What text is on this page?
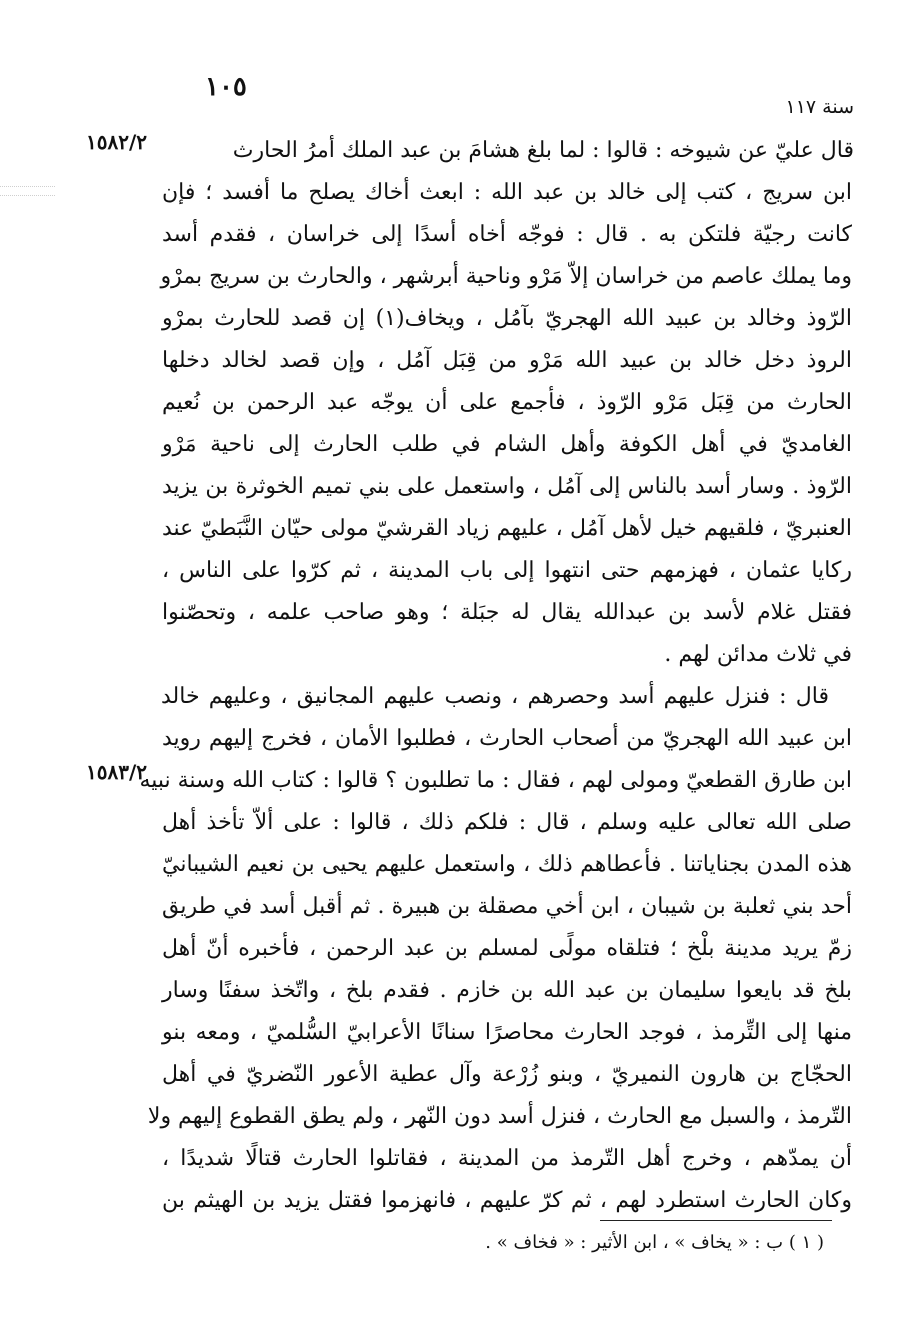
١٠٥
سنة ١١٧
١٥٨٢/٢
١٥٨٣/٢
قال عليّ عن شيوخه : قالوا : لما بلغ هشامَ بن عبد الملك أمرُ الحارث
ابن سريج ، كتب إلى خالد بن عبد الله : ابعث أخاك يصلح ما أفسد ؛ فإن
كانت رجيّة فلتكن به . قال : فوجّه أخاه أسدًا إلى خراسان ، فقدم أسد
وما يملك عاصم من خراسان إلاّ مَرْو وناحية أبرشهر ، والحارث بن سريج بمرْو
الرّوذ وخالد بن عبيد الله الهجريّ بآمُل ، ويخاف(١) إن قصد للحارث بمرْو
الروذ دخل خالد بن عبيد الله مَرْو من قِبَل آمُل ، وإن قصد لخالد دخلها
الحارث من قِبَل مَرْو الرّوذ ، فأجمع على أن يوجّه عبد الرحمن بن نُعيم
الغامديّ في أهل الكوفة وأهل الشام في طلب الحارث إلى ناحية مَرْو
الرّوذ . وسار أسد بالناس إلى آمُل ، واستعمل على بني تميم الخوثرة بن يزيد
العنبريّ ، فلقيهم خيل لأهل آمُل ، عليهم زياد القرشيّ مولى حيّان النَّبَطيّ عند
ركايا عثمان ، فهزمهم حتى انتهوا إلى باب المدينة ، ثم كرّوا على الناس ،
فقتل غلام لأسد بن عبدالله يقال له جبَلة ؛ وهو صاحب علمه ، وتحصّنوا
في ثلاث مدائن لهم .
قال : فنزل عليهم أسد وحصرهم ، ونصب عليهم المجانيق ، وعليهم خالد
ابن عبيد الله الهجريّ من أصحاب الحارث ، فطلبوا الأمان ، فخرج إليهم رويد
ابن طارق القطعيّ ومولى لهم ، فقال : ما تطلبون ؟ قالوا : كتاب الله وسنة نبيه
صلى الله تعالى عليه وسلم ، قال : فلكم ذلك ، قالوا : على ألاّ تأخذ أهل
هذه المدن بجناياتنا . فأعطاهم ذلك ، واستعمل عليهم يحيى بن نعيم الشيبانيّ
أحد بني ثعلبة بن شيبان ، ابن أخي مصقلة بن هبيرة . ثم أقبل أسد في طريق
زمّ يريد مدينة بلْخ ؛ فتلقاه مولًى لمسلم بن عبد الرحمن ، فأخبره أنّ أهل
بلخ قد بايعوا سليمان بن عبد الله بن خازم . فقدم بلخ ، واتّخذ سفنًا وسار
منها إلى التِّرمذ ، فوجد الحارث محاصرًا سنانًا الأعرابيّ السُّلميّ ، ومعه بنو
الحجّاج بن هارون النميريّ ، وبنو زُرْعة وآل عطية الأعور النّضريّ في أهل
التّرمذ ، والسبل مع الحارث ، فنزل أسد دون النّهر ، ولم يطق القطوع إليهم ولا
أن يمدّهم ، وخرج أهل التّرمذ من المدينة ، فقاتلوا الحارث قتالًا شديدًا ،
وكان الحارث استطرد لهم ، ثم كرّ عليهم ، فانهزموا فقتل يزيد بن الهيثم بن
( ١ ) ب : « يخاف » ، ابن الأثير : « فخاف » .
